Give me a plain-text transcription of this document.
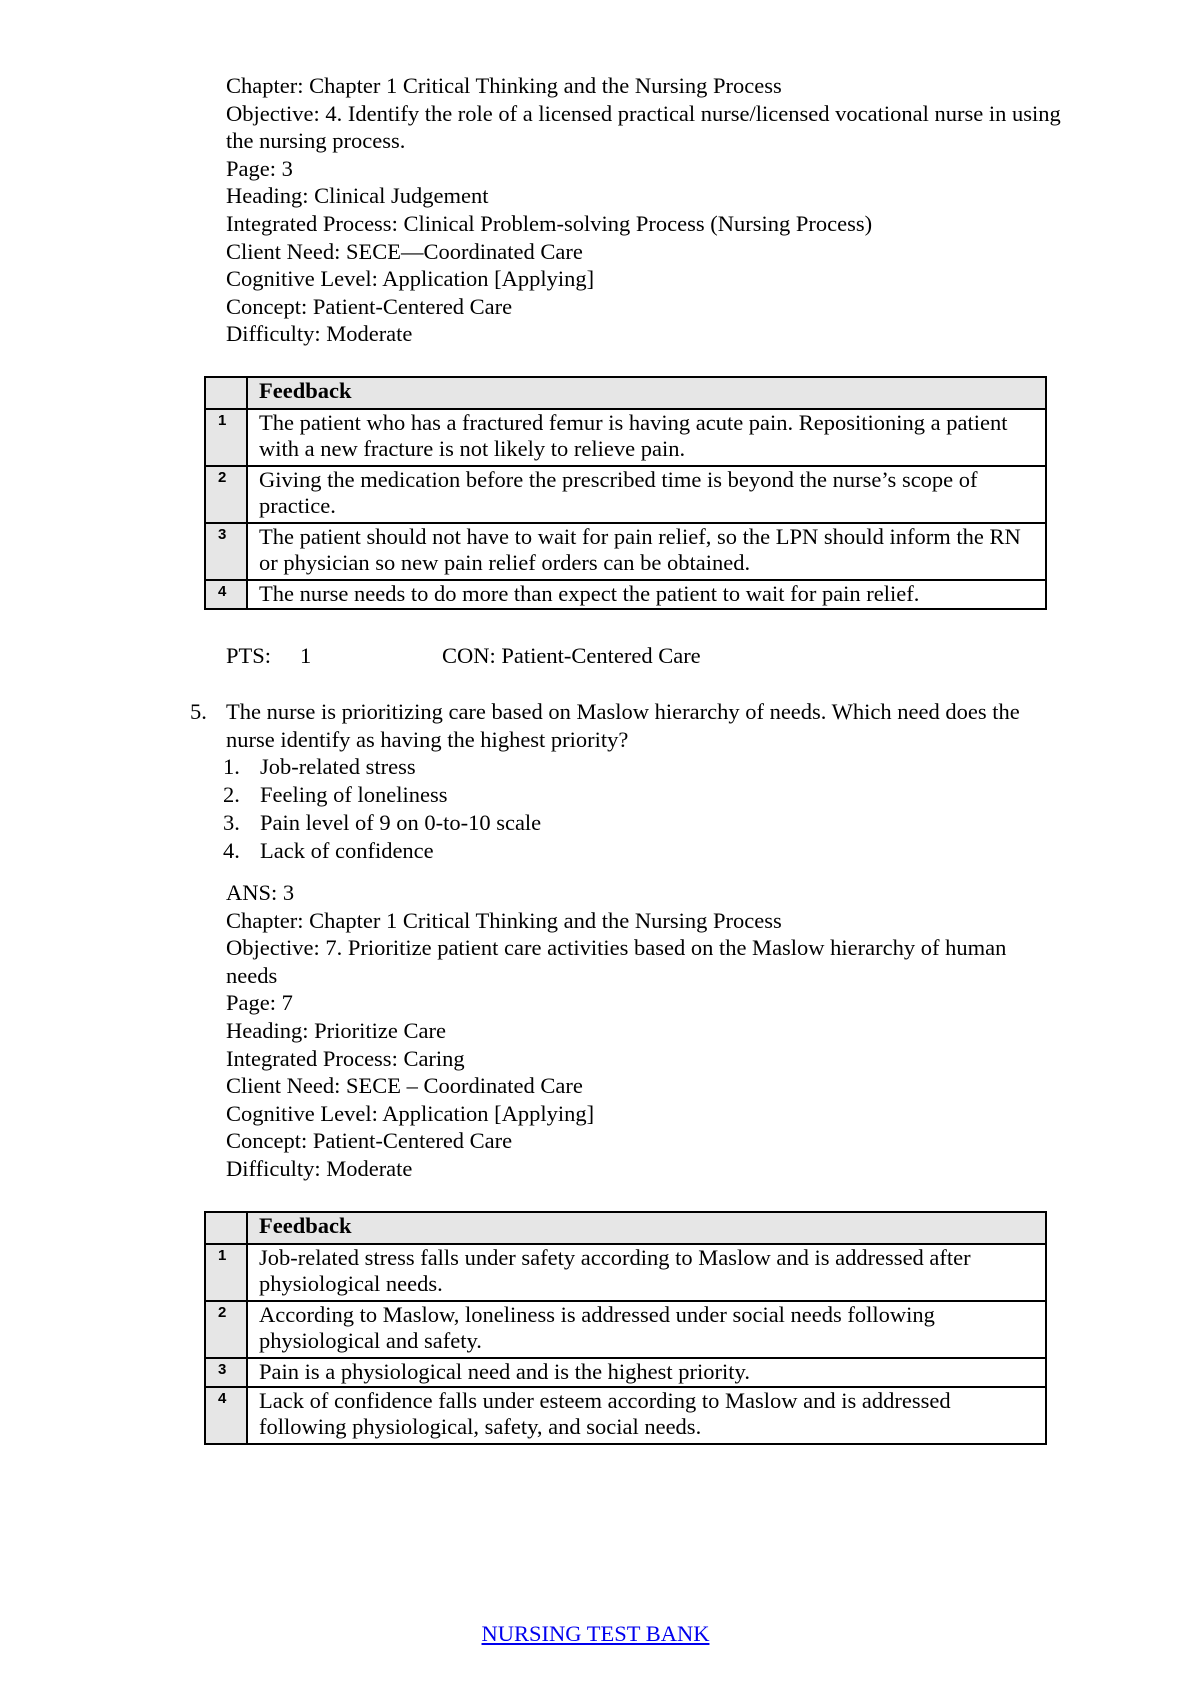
Chapter: Chapter 1 Critical Thinking and the Nursing Process
Objective: 4. Identify the role of a licensed practical nurse/licensed vocational nurse in using
the nursing process.
Page: 3
Heading: Clinical Judgement
Integrated Process: Clinical Problem-solving Process (Nursing Process)
Client Need: SECE—Coordinated Care
Cognitive Level: Application [Applying]
Concept: Patient-Centered Care
Difficulty: Moderate
	Feedback
1	The patient who has a fractured femur is having acute pain. Repositioning a patient with a new fracture is not likely to relieve pain.
2	Giving the medication before the prescribed time is beyond the nurse’s scope of practice.
3	The patient should not have to wait for pain relief, so the LPN should inform the RN or physician so new pain relief orders can be obtained.
4	The nurse needs to do more than expect the patient to wait for pain relief.
PTS: 1	CON: Patient-Centered Care
5. The nurse is prioritizing care based on Maslow hierarchy of needs. Which need does the
nurse identify as having the highest priority?
1. Job-related stress
2. Feeling of loneliness
3. Pain level of 9 on 0-to-10 scale
4. Lack of confidence
ANS: 3
Chapter: Chapter 1 Critical Thinking and the Nursing Process
Objective: 7. Prioritize patient care activities based on the Maslow hierarchy of human
needs
Page: 7
Heading: Prioritize Care
Integrated Process: Caring
Client Need: SECE – Coordinated Care
Cognitive Level: Application [Applying]
Concept: Patient-Centered Care
Difficulty: Moderate
	Feedback
1	Job-related stress falls under safety according to Maslow and is addressed after physiological needs.
2	According to Maslow, loneliness is addressed under social needs following physiological and safety.
3	Pain is a physiological need and is the highest priority.
4	Lack of confidence falls under esteem according to Maslow and is addressed following physiological, safety, and social needs.
NURSING TEST BANK
